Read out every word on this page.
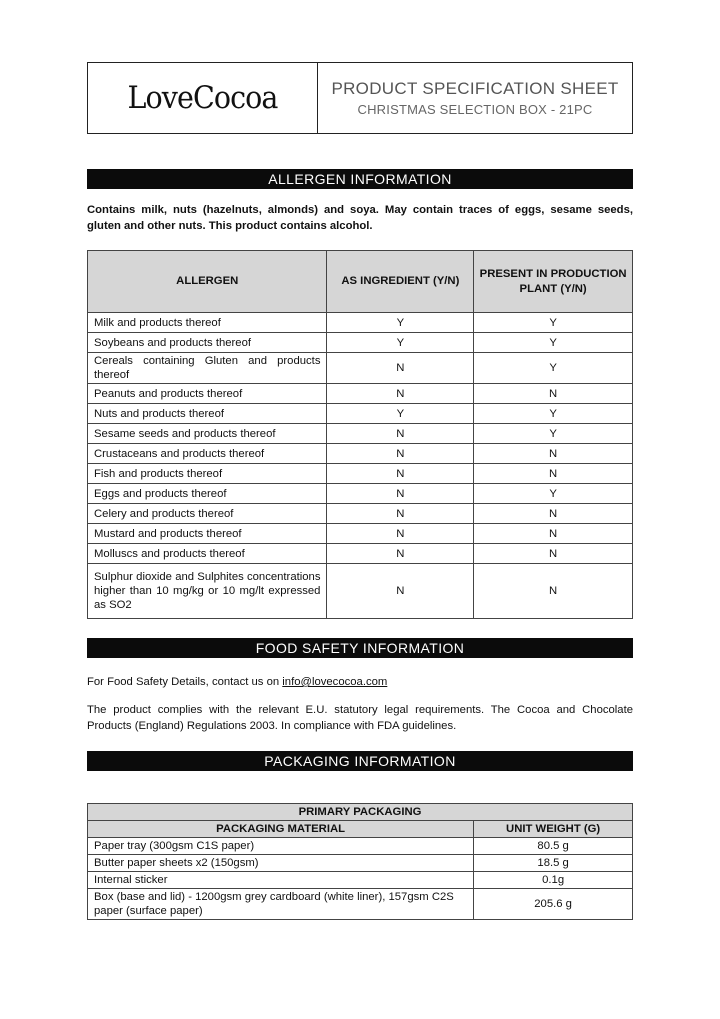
LoveCocoa	PRODUCT SPECIFICATION SHEET
CHRISTMAS SELECTION BOX - 21PC
ALLERGEN INFORMATION
Contains milk, nuts (hazelnuts, almonds) and soya. May contain traces of eggs, sesame seeds, gluten and other nuts. This product contains alcohol.
ALLERGEN	AS INGREDIENT (Y/N)	PRESENT IN PRODUCTION PLANT (Y/N)
Milk and products thereof	Y	Y
Soybeans and products thereof	Y	Y
Cereals containing Gluten and products thereof	N	Y
Peanuts and products thereof	N	N
Nuts and products thereof	Y	Y
Sesame seeds and products thereof	N	Y
Crustaceans and products thereof	N	N
Fish and products thereof	N	N
Eggs and products thereof	N	Y
Celery and products thereof	N	N
Mustard and products thereof	N	N
Molluscs and products thereof	N	N
Sulphur dioxide and Sulphites concentrations higher than 10 mg/kg or 10 mg/lt expressed as SO2	N	N
FOOD SAFETY INFORMATION
For Food Safety Details, contact us on info@lovecocoa.com
The product complies with the relevant E.U. statutory legal requirements. The Cocoa and Chocolate Products (England) Regulations 2003. In compliance with FDA guidelines.
PACKAGING INFORMATION
PRIMARY PACKAGING	
PACKAGING MATERIAL	UNIT WEIGHT (G)
Paper tray (300gsm C1S paper)	80.5 g
Butter paper sheets x2 (150gsm)	18.5 g
Internal sticker	0.1g
Box (base and lid) - 1200gsm grey cardboard (white liner), 157gsm C2S paper (surface paper)	205.6 g
